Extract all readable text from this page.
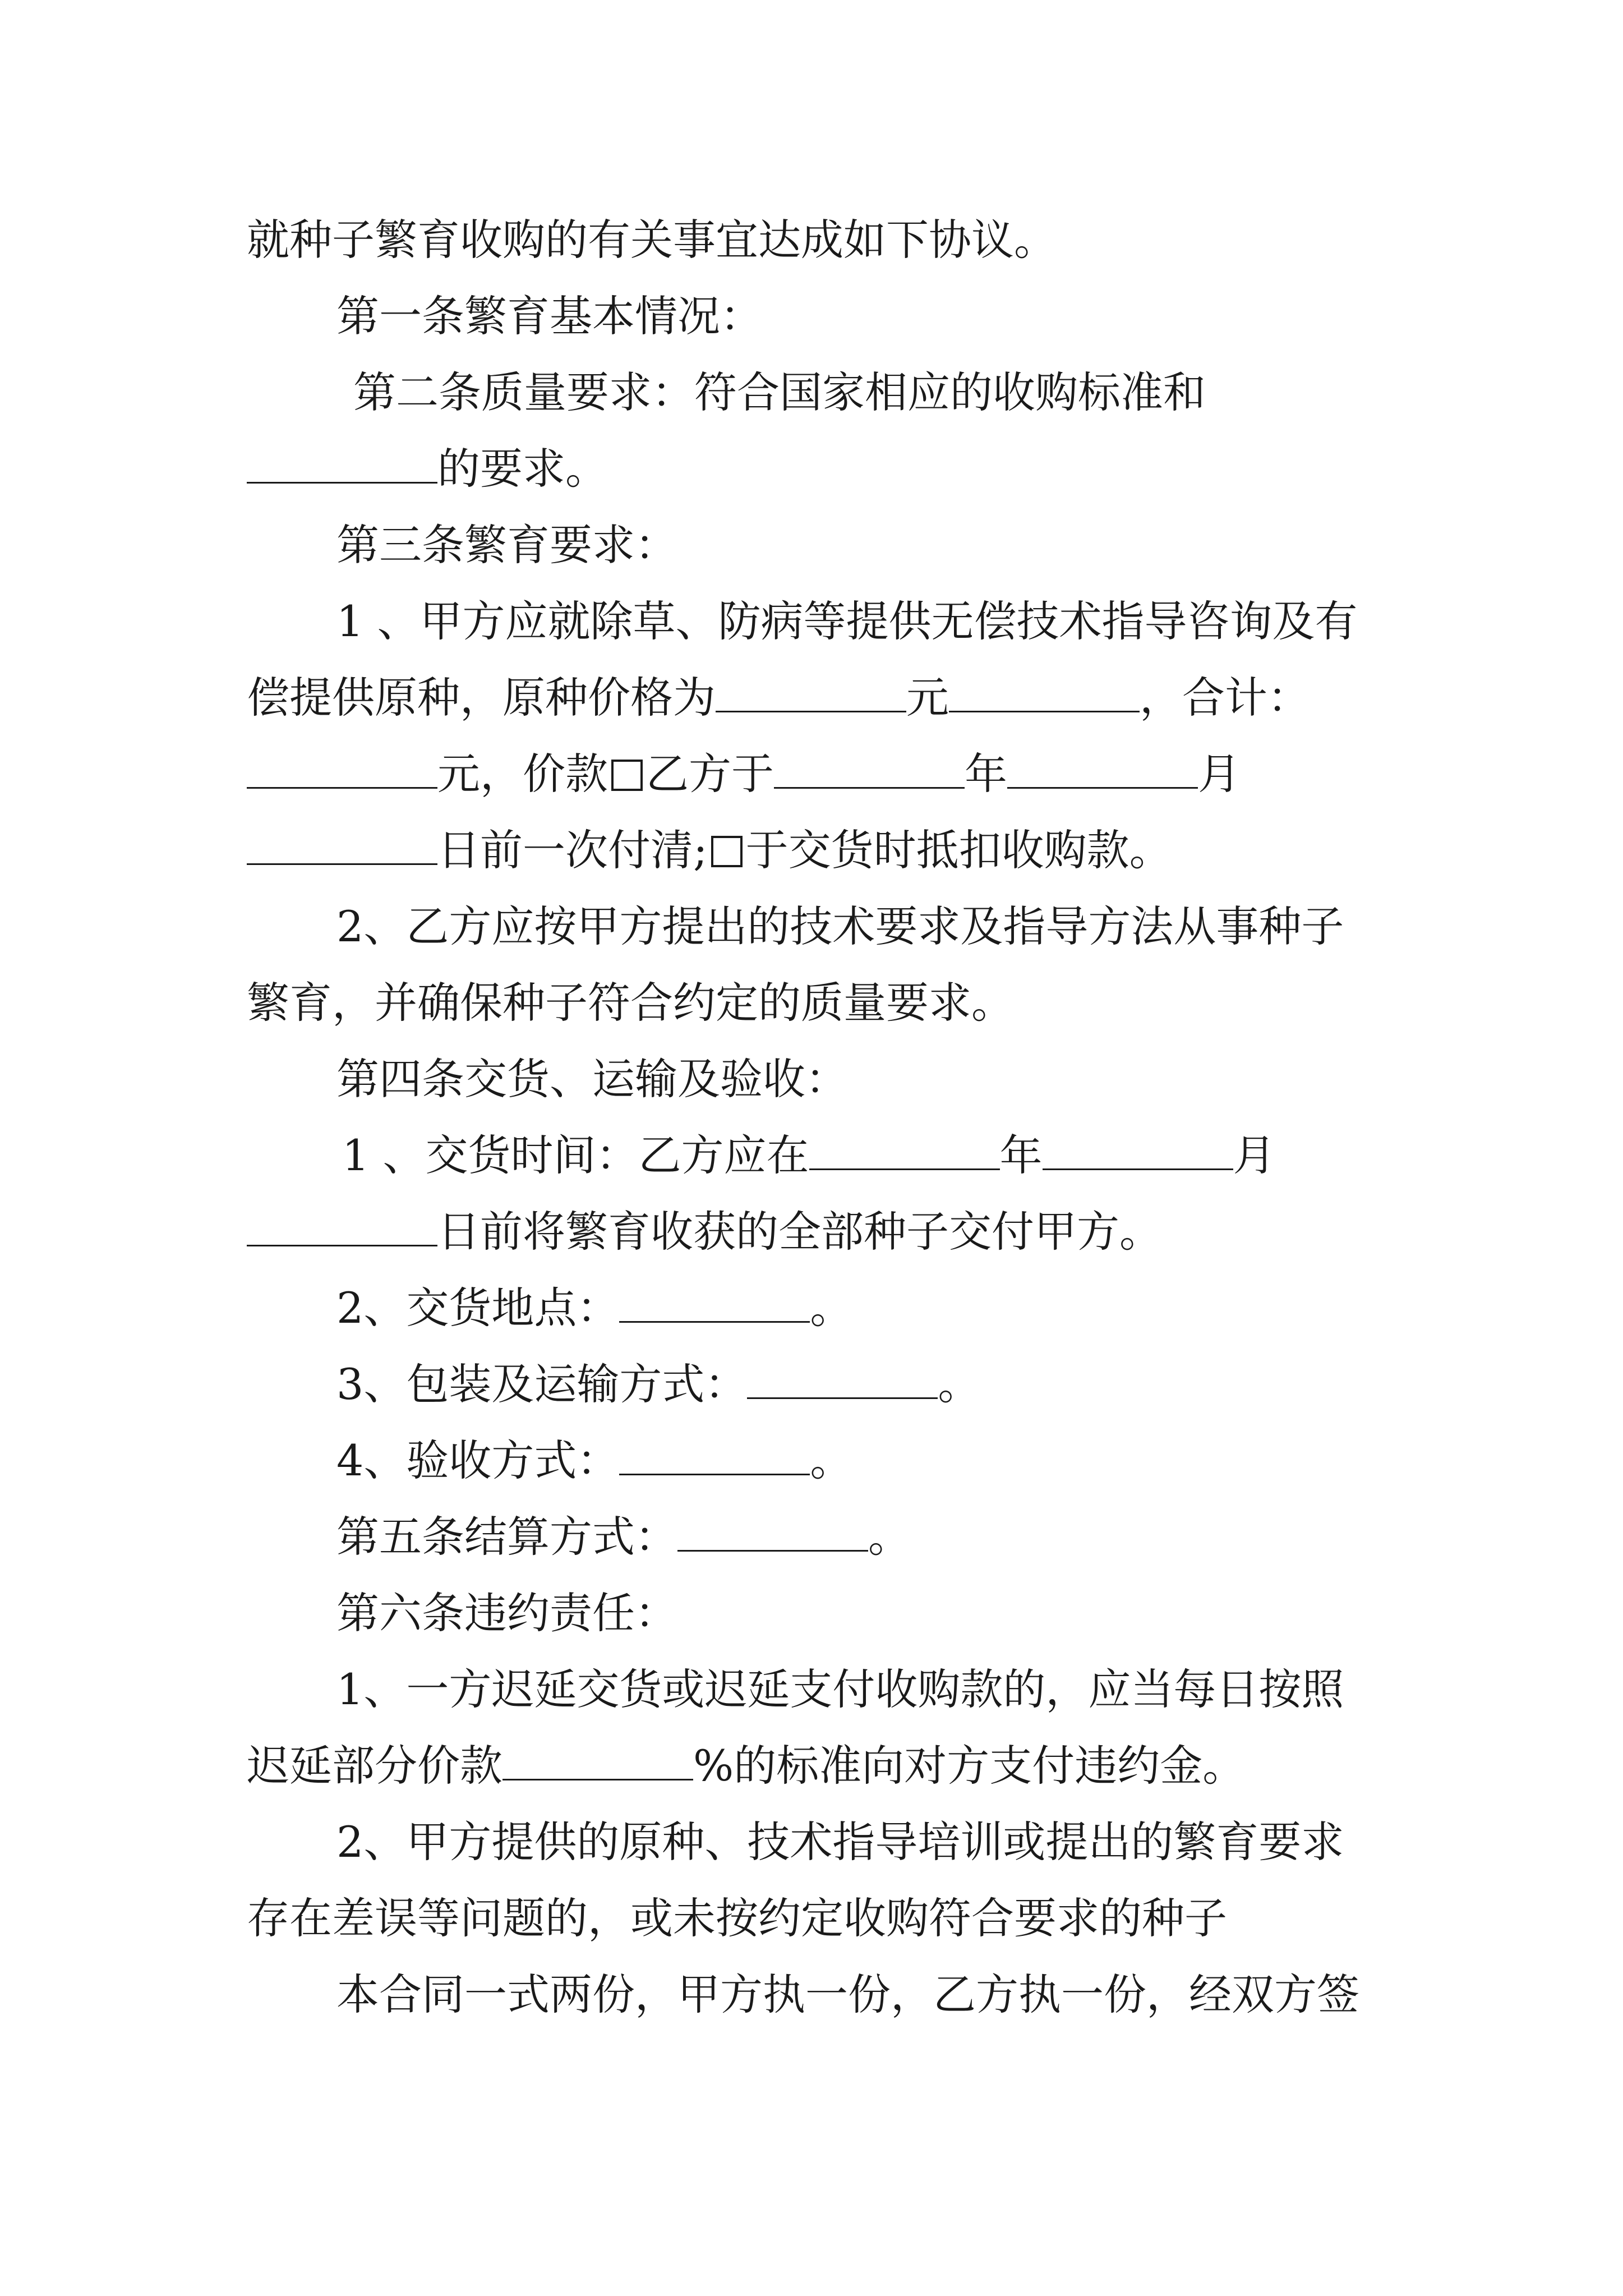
就种子繁育收购的有关事宜达成如下协议。
第一条繁育基本情况：
第二条质量要求：符合国家相应的收购标准和
的要求。
第三条繁育要求：
1 、甲方应就除草、防病等提供无偿技术指导咨询及有
偿提供原种，原种价格为	元	，合计：
元，价款 乙方于	年	月
日前一次付清; 于交货时抵扣收购款。
2、乙方应按甲方提出的技术要求及指导方法从事种子
繁育，并确保种子符合约定的质量要求。
第四条交货、运输及验收：
1 、交货时间：乙方应在	年	月
日前将繁育收获的全部种子交付甲方。
2、交货地点：	。
3、包装及运输方式：	。
4、验收方式：	。
第五条结算方式：	。
第六条违约责任：
1、一方迟延交货或迟延支付收购款的，应当每日按照
迟延部分价款	%的标准向对方支付违约金。
2、甲方提供的原种、技术指导培训或提出的繁育要求
存在差误等问题的，或未按约定收购符合要求的种子
本合同一式两份，甲方执一份，乙方执一份，经双方签
